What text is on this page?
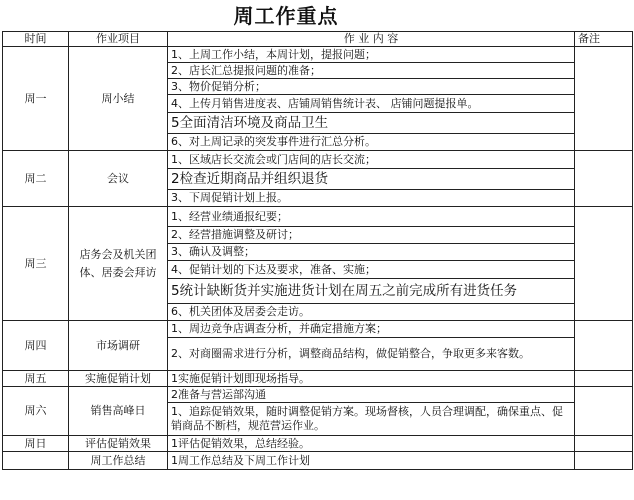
周工作重点
时间	作业项目	作 业 内 容	备注
周一	周小结	1、上周工作小结，本周计划，提报问题；	
		2、店长汇总提报问题的准备；	
		3、物价促销分析；	
		4、上传月销售进度表、店铺周销售统计表、 店铺问题提报单。	
		5全面清洁环境及商品卫生	
		6、对上周记录的突发事件进行汇总分析。	
周二	会议	1、区域店长交流会或门店间的店长交流；	
		2检查近期商品并组织退货	
		3、下周促销计划上报。	
周三	店务会及机关团体、居委会拜访	1、经营业绩通报纪要；	
		2、经营措施调整及研讨；	
		3、确认及调整；	
		4、促销计划的下达及要求，准备、实施；	
		5统计缺断货并实施进货计划在周五之前完成所有进货任务	
		6、机关团体及居委会走访。	
周四	市场调研	1、周边竞争店调查分析，并确定措施方案；	
		2、对商圈需求进行分析，调整商品结构，做促销整合，争取更多来客数。	
周五	实施促销计划	1实施促销计划即现场指导。	
周六	销售高峰日	2准备与营运部沟通	
		1、追踪促销效果，随时调整促销方案。现场督核，人员合理调配，确保重点、促销商品不断档，规范营运作业。	
周日	评估促销效果	1评估促销效果，总结经验。	
	周工作总结	1周工作总结及下周工作计划	
